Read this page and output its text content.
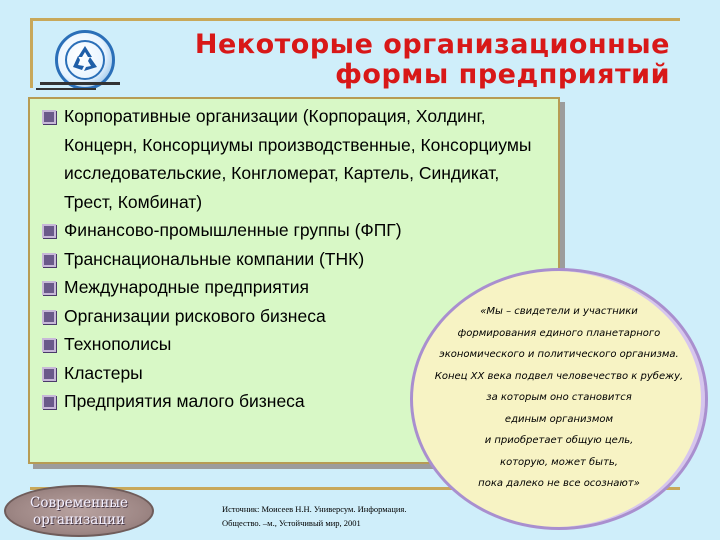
Некоторые организационные
формы предприятий
Корпоративные организации (Корпорация, Холдинг, Концерн, Консорциумы производственные, Консорциумы исследовательские, Конгломерат, Картель, Синдикат, Трест, Комбинат)
Финансово-промышленные группы (ФПГ)
Транснациональные компании (ТНК)
Международные предприятия
Организации рискового бизнеса
Технополисы
Кластеры
Предприятия малого бизнеса
«Мы – свидетели и участники
формирования единого планетарного
экономического и политического организма.
Конец XX века подвел человечество к рубежу,
за которым оно становится
единым организмом
и приобретает общую цель,
которую, может быть,
пока далеко не все осознают»
Современные
организации
Источник: Моисеев Н.Н. Универсум. Информация.
Общество. –м., Устойчивый мир, 2001
